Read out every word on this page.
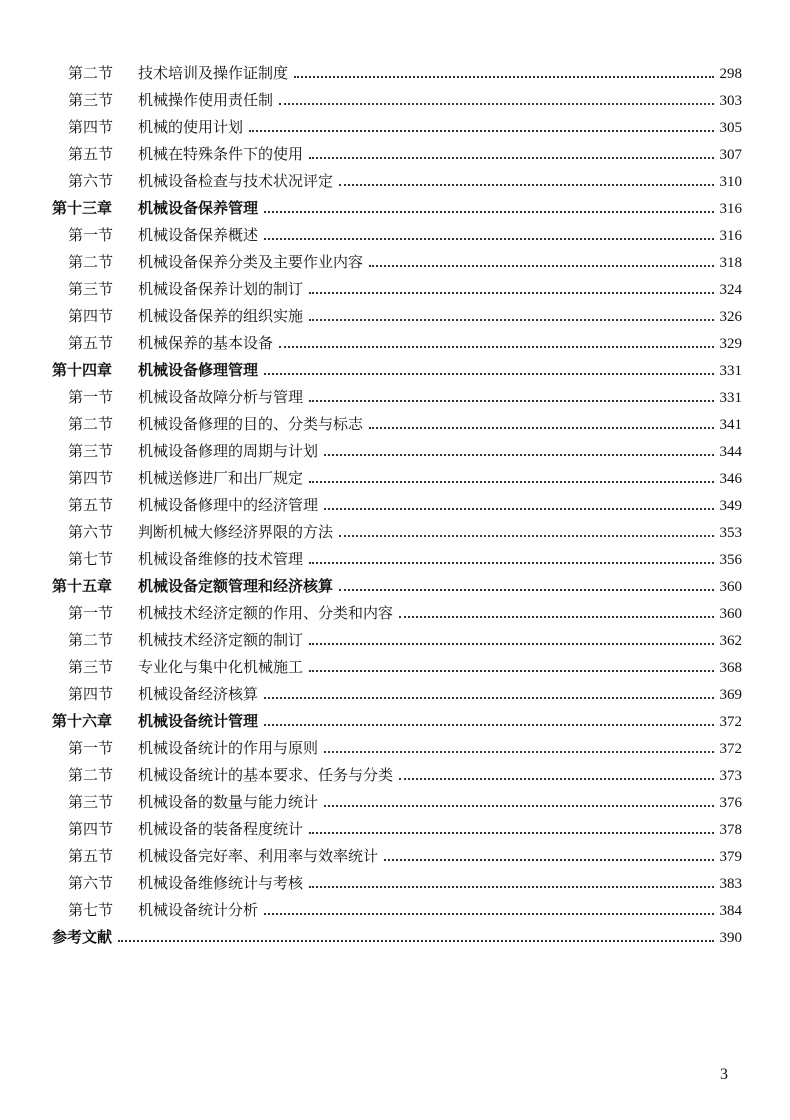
第二节	技术培训及操作证制度	298
第三节	机械操作使用责任制	303
第四节	机械的使用计划	305
第五节	机械在特殊条件下的使用	307
第六节	机械设备检查与技术状况评定	310
第十三章	机械设备保养管理	316
第一节	机械设备保养概述	316
第二节	机械设备保养分类及主要作业内容	318
第三节	机械设备保养计划的制订	324
第四节	机械设备保养的组织实施	326
第五节	机械保养的基本设备	329
第十四章	机械设备修理管理	331
第一节	机械设备故障分析与管理	331
第二节	机械设备修理的目的、分类与标志	341
第三节	机械设备修理的周期与计划	344
第四节	机械送修进厂和出厂规定	346
第五节	机械设备修理中的经济管理	349
第六节	判断机械大修经济界限的方法	353
第七节	机械设备维修的技术管理	356
第十五章	机械设备定额管理和经济核算	360
第一节	机械技术经济定额的作用、分类和内容	360
第二节	机械技术经济定额的制订	362
第三节	专业化与集中化机械施工	368
第四节	机械设备经济核算	369
第十六章	机械设备统计管理	372
第一节	机械设备统计的作用与原则	372
第二节	机械设备统计的基本要求、任务与分类	373
第三节	机械设备的数量与能力统计	376
第四节	机械设备的装备程度统计	378
第五节	机械设备完好率、利用率与效率统计	379
第六节	机械设备维修统计与考核	383
第七节	机械设备统计分析	384
参考文献	390
3
